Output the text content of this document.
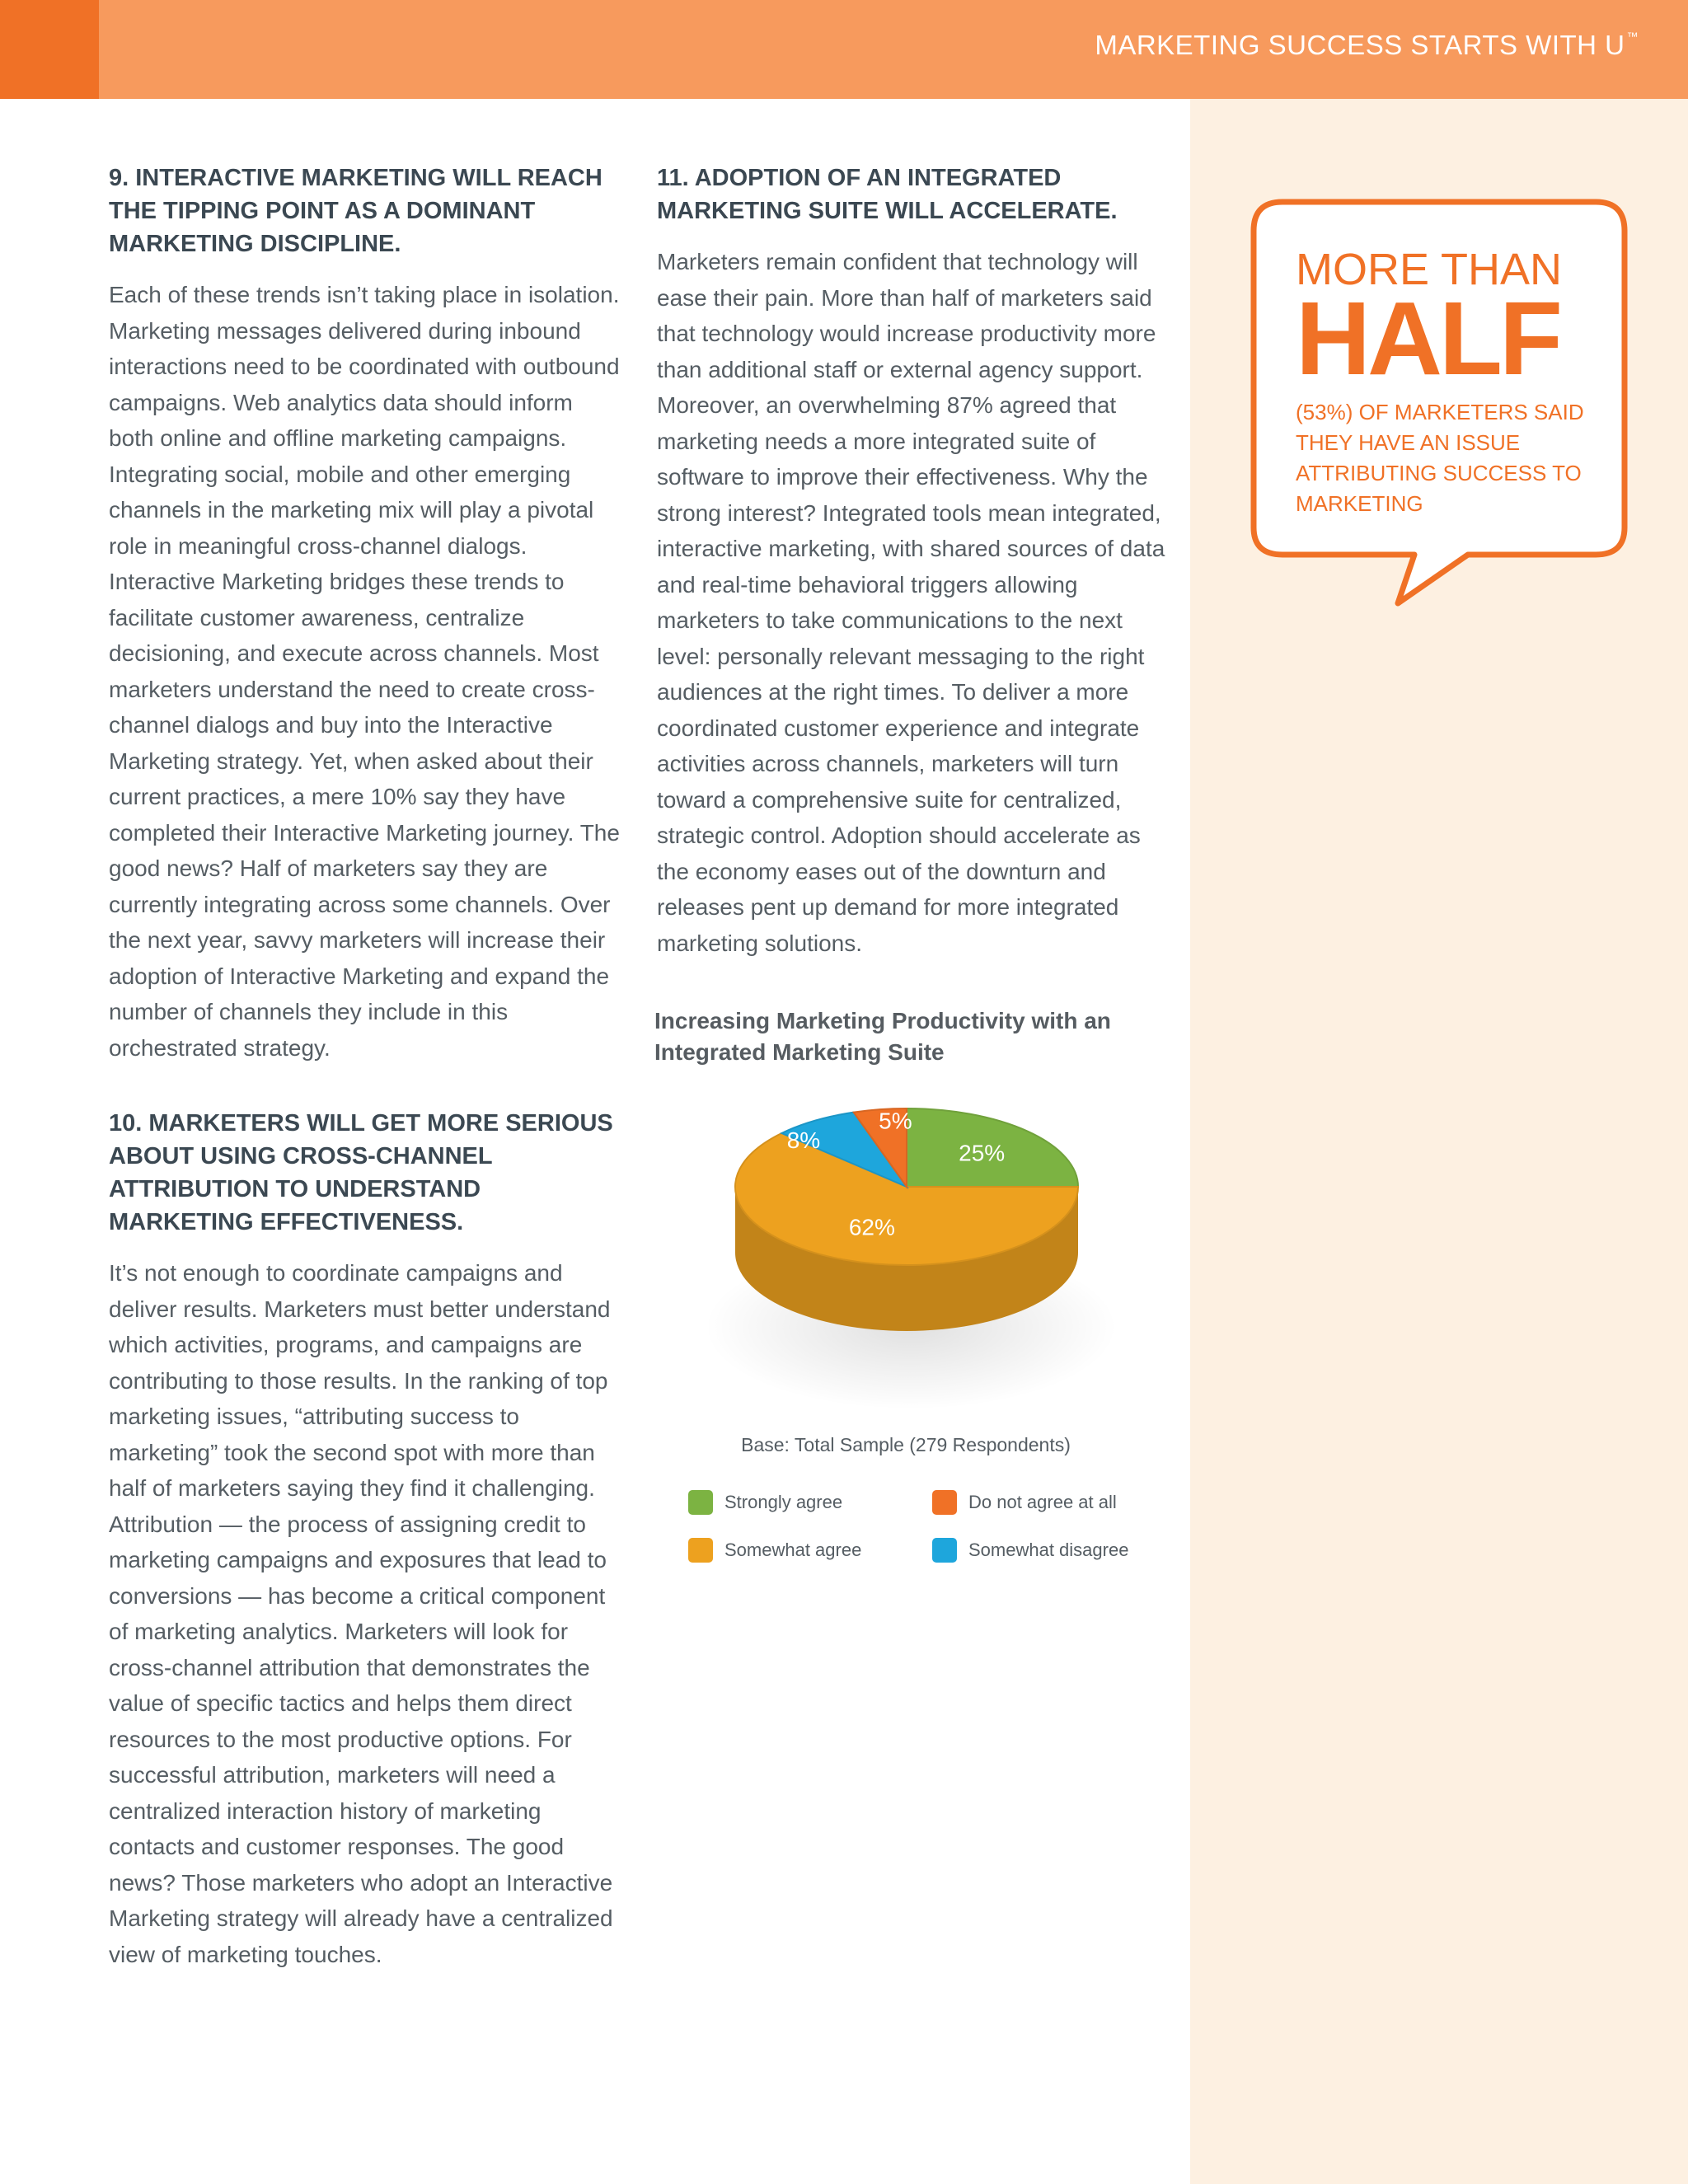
MARKETING SUCCESS STARTS WITH U ™
9. INTERACTIVE MARKETING WILL REACH THE TIPPING POINT AS A DOMINANT MARKETING DISCIPLINE.

Each of these trends isn’t taking place in isolation. Marketing messages delivered during inbound interactions need to be coordinated with outbound campaigns. Web analytics data should inform both online and offline marketing campaigns. Integrating social, mobile and other emerging channels in the marketing mix will play a pivotal role in meaningful cross-channel dialogs. Interactive Marketing bridges these trends to facilitate customer awareness, centralize decisioning, and execute across channels. Most marketers understand the need to create cross-channel dialogs and buy into the Interactive Marketing strategy. Yet, when asked about their current practices, a mere 10% say they have completed their Interactive Marketing journey. The good news? Half of marketers say they are currently integrating across some channels. Over the next year, savvy marketers will increase their adoption of Interactive Marketing and expand the number of channels they include in this orchestrated strategy.

10. MARKETERS WILL GET MORE SERIOUS ABOUT USING CROSS-CHANNEL ATTRIBUTION TO UNDERSTAND MARKETING EFFECTIVENESS.

It’s not enough to coordinate campaigns and deliver results. Marketers must better understand which activities, programs, and campaigns are contributing to those results. In the ranking of top marketing issues, “attributing success to marketing” took the second spot with more than half of marketers saying they find it challenging. Attribution — the process of assigning credit to marketing campaigns and exposures that lead to conversions — has become a critical component of marketing analytics. Marketers will look for cross-channel attribution that demonstrates the value of specific tactics and helps them direct resources to the most productive options. For successful attribution, marketers will need a centralized interaction history of marketing contacts and customer responses. The good news? Those marketers who adopt an Interactive Marketing strategy will already have a centralized view of marketing touches.

11. ADOPTION OF AN INTEGRATED MARKETING SUITE WILL ACCELERATE.

Marketers remain confident that technology will ease their pain. More than half of marketers said that technology would increase productivity more than additional staff or external agency support. Moreover, an overwhelming 87% agreed that marketing needs a more integrated suite of software to improve their effectiveness. Why the strong interest? Integrated tools mean integrated, interactive marketing, with shared sources of data and real-time behavioral triggers allowing marketers to take communications to the next level: personally relevant messaging to the right audiences at the right times. To deliver a more coordinated customer experience and integrate activities across channels, marketers will turn toward a comprehensive suite for centralized, strategic control. Adoption should accelerate as the economy eases out of the downturn and releases pent up demand for more integrated marketing solutions.

Increasing Marketing Productivity with an Integrated Marketing Suite
25%
62%
8%
5%
Base: Total Sample (279 Respondents)
Strongly agree	Do not agree at all
Somewhat agree	Somewhat disagree
MORE THAN
HALF
(53%) OF MARKETERS SAID THEY HAVE AN ISSUE ATTRIBUTING SUCCESS TO MARKETING
